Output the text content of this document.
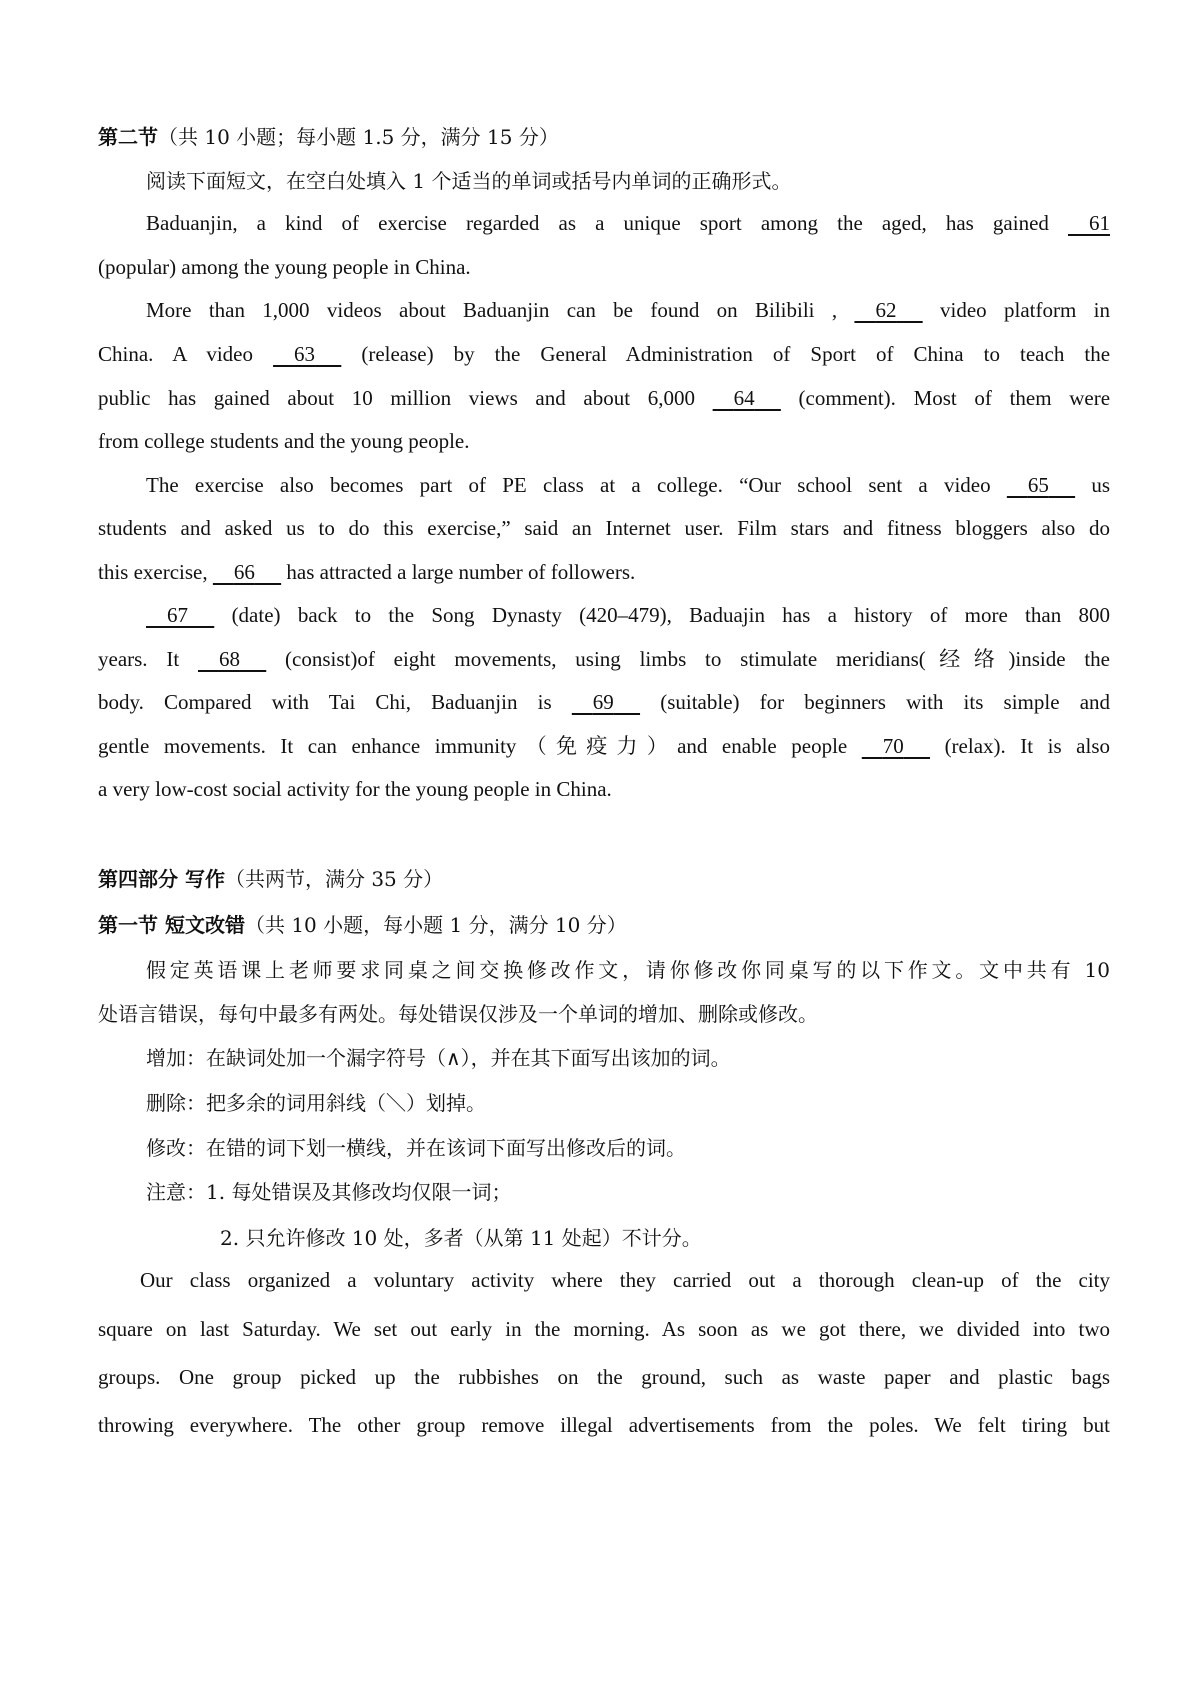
第二节（共 10 小题；每小题 1.5 分，满分 15 分）
阅读下面短文，在空白处填入 1 个适当的单词或括号内单词的正确形式。
Baduanjin, a kind of exercise regarded as a unique sport among the aged, has gained 61
(popular) among the young people in China.
More than 1,000 videos about Baduanjin can be found on Bilibili , 62 video platform in
China. A video 63 (release) by the General Administration of Sport of China to teach the
public has gained about 10 million views and about 6,000 64 (comment). Most of them were
from college students and the young people.
The exercise also becomes part of PE class at a college. “Our school sent a video 65 us
students and asked us to do this exercise,” said an Internet user. Film stars and fitness bloggers also do
this exercise, 66 has attracted a large number of followers.
67 (date) back to the Song Dynasty (420–479), Baduajin has a history of more than 800
years. It 68 (consist)of eight movements, using limbs to stimulate meridians(经络)inside the
body. Compared with Tai Chi, Baduanjin is 69 (suitable) for beginners with its simple and
gentle movements. It can enhance immunity（免疫力）and enable people 70 (relax). It is also
a very low-cost social activity for the young people in China.
第四部分 写作（共两节，满分 35 分）
第一节 短文改错（共 10 小题，每小题 1 分，满分 10 分）
假定英语课上老师要求同桌之间交换修改作文，请你修改你同桌写的以下作文。文中共有 10
处语言错误，每句中最多有两处。每处错误仅涉及一个单词的增加、删除或修改。
增加：在缺词处加一个漏字符号（∧），并在其下面写出该加的词。
删除：把多余的词用斜线（＼）划掉。
修改：在错的词下划一横线，并在该词下面写出修改后的词。
注意：1. 每处错误及其修改均仅限一词；
2. 只允许修改 10 处，多者（从第 11 处起）不计分。
Our class organized a voluntary activity where they carried out a thorough clean-up of the city
square on last Saturday. We set out early in the morning. As soon as we got there, we divided into two
groups. One group picked up the rubbishes on the ground, such as waste paper and plastic bags
throwing everywhere. The other group remove illegal advertisements from the poles. We felt tiring but
